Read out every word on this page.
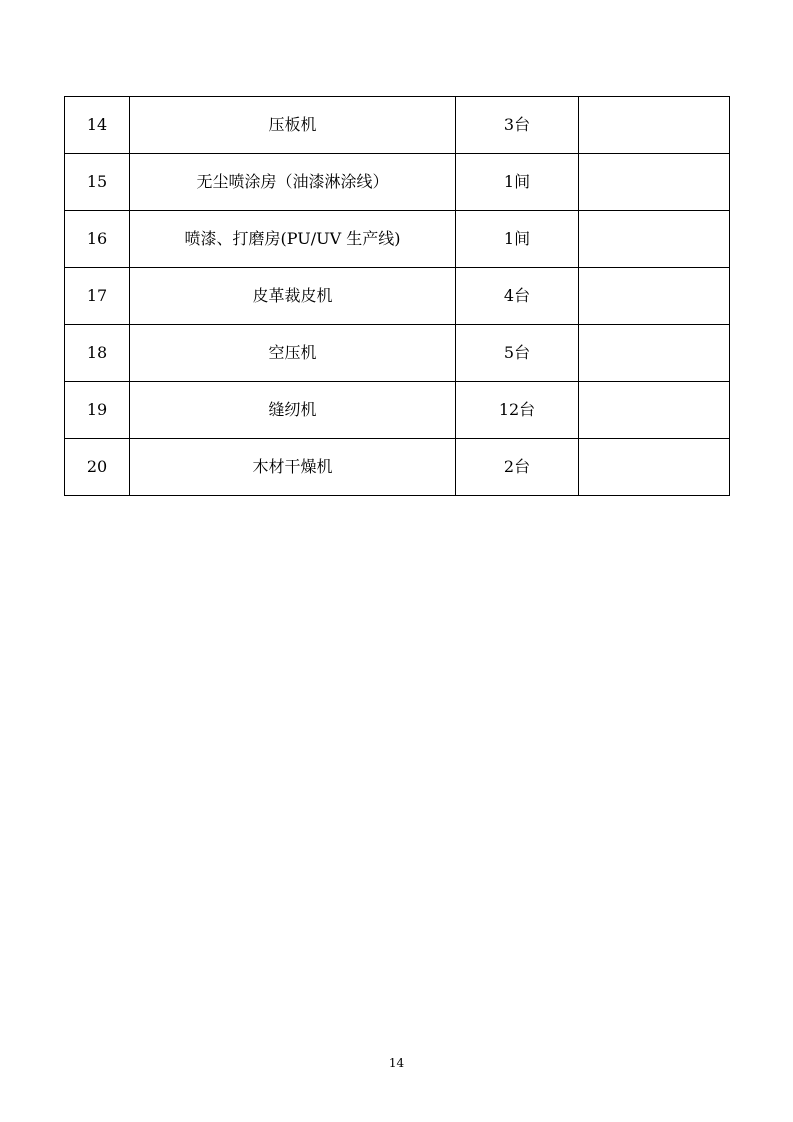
14	压板机	3台	
15	无尘喷涂房（油漆淋涂线）	1间	
16	喷漆、打磨房(PU/UV 生产线)	1间	
17	皮革裁皮机	4台	
18	空压机	5台	
19	缝纫机	12台	
20	木材干燥机	2台	
14
